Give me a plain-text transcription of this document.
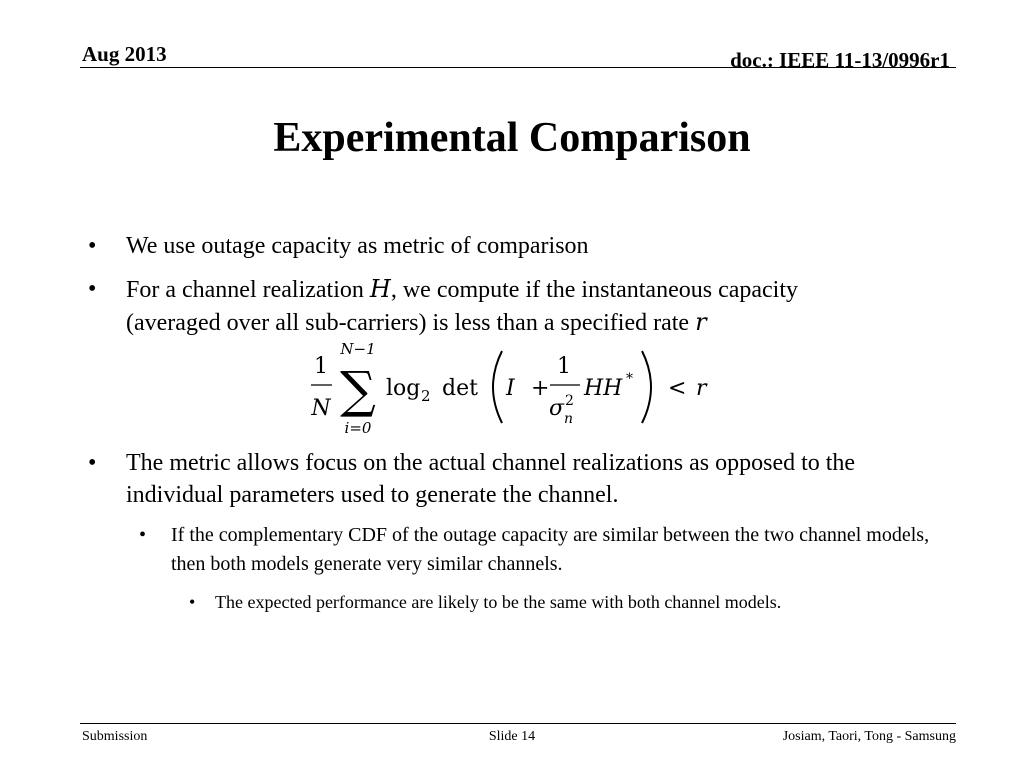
Aug 2013	doc.: IEEE 11-13/0996r1
Experimental Comparison
•	We use outage capacity as metric of comparison
•	For a channel realization H, we compute if the instantaneous capacity
(averaged over all sub-carriers) is less than a specified rate r
1
N
N−1
∑
i=0
log 2 det I +
1
σ 2
n
HH * < r
•	The metric allows focus on the actual channel realizations as opposed to the individual parameters used to generate the channel.
•	If the complementary CDF of the outage capacity are similar between the two channel models, then both models generate very similar channels.
•	The expected performance are likely to be the same with both channel models.
Submission	Slide 14	Josiam, Taori, Tong - Samsung
